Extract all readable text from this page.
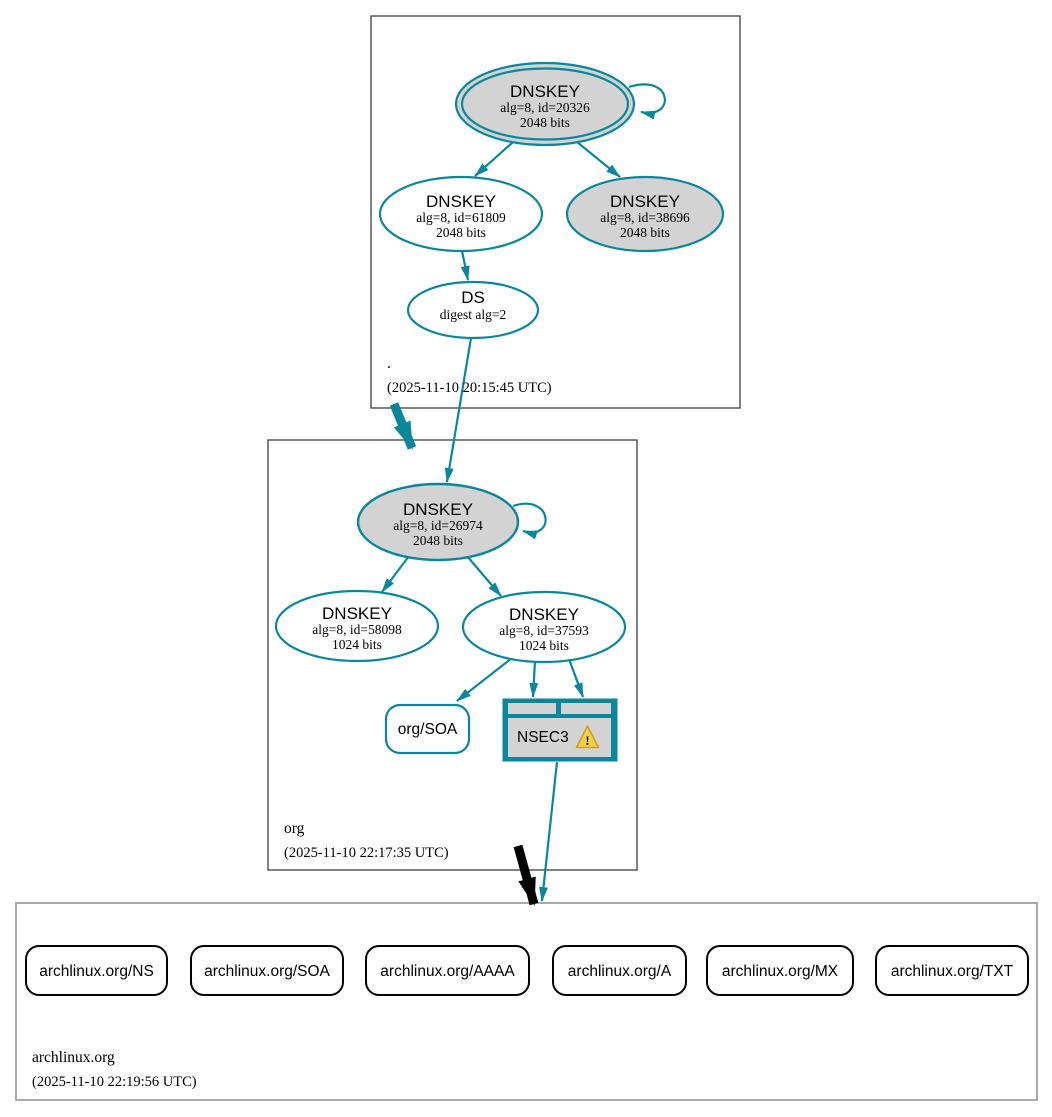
DNSKEY
alg=8, id=20326
2048 bits
DNSKEY
alg=8, id=61809
2048 bits
DNSKEY
alg=8, id=38696
2048 bits
DS
digest alg=2
.
(2025-11-10 20:15:45 UTC)
DNSKEY
alg=8, id=26974
2048 bits
DNSKEY
alg=8, id=58098
1024 bits
DNSKEY
alg=8, id=37593
1024 bits
org/SOA	NSEC3 !
org
(2025-11-10 22:17:35 UTC)
archlinux.org/NS	archlinux.org/SOA	archlinux.org/AAAA	archlinux.org/A	archlinux.org/MX	archlinux.org/TXT
archlinux.org
(2025-11-10 22:19:56 UTC)
